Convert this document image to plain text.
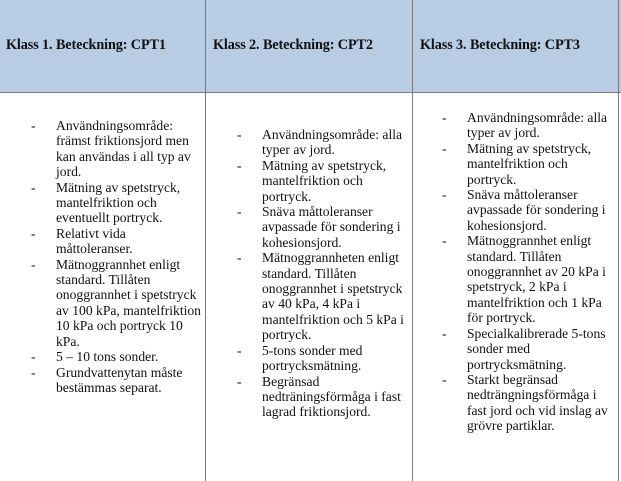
Klass 1. Beteckning: CPT1	Klass 2. Beteckning: CPT2	Klass 3. Beteckning: CPT3
- Användningsområde: främst friktionsjord men kan användas i all typ av jord.
- Mätning av spetstryck, mantelfriktion och eventuellt portryck.
- Relativt vida måttoleranser.
- Mätnoggrannhet enligt standard. Tillåten onoggrannhet i spetstryck av 100 kPa, mantelfriktion 10 kPa och portryck 10 kPa.
- 5 – 10 tons sonder.
- Grundvattenytan måste bestämmas separat.
- Användningsområde: alla typer av jord.
- Mätning av spetstryck, mantelfriktion och portryck.
- Snäva måttoleranser avpassade för sondering i kohesionsjord.
- Mätnoggrannheten enligt standard. Tillåten onoggrannhet i spetstryck av 40 kPa, 4 kPa i mantelfriktion och 5 kPa i portryck.
- 5-tons sonder med portrycksmätning.
- Begränsad nedträningsförmåga i fast lagrad friktionsjord.
- Användningsområde: alla typer av jord.
- Mätning av spetstryck, mantelfriktion och portryck.
- Snäva måttoleranser avpassade för sondering i kohesionsjord.
- Mätnoggrannhet enligt standard. Tillåten onoggrannhet av 20 kPa i spetstryck, 2 kPa i mantelfriktion och 1 kPa för portryck.
- Specialkalibrerade 5-tons sonder med portrycksmätning.
- Starkt begränsad nedträngningsförmåga i fast jord och vid inslag av grövre partiklar.
